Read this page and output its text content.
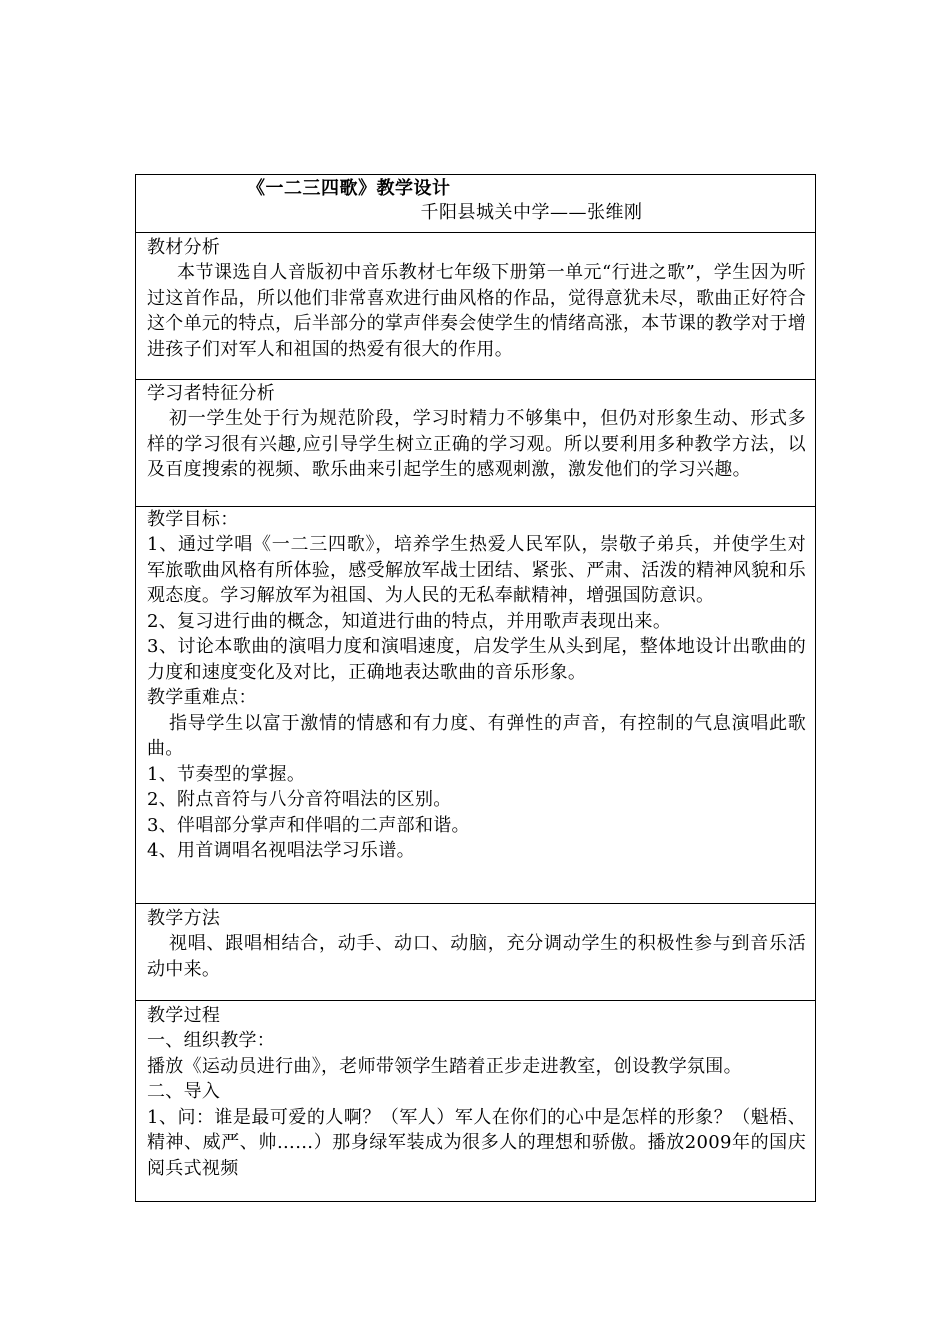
《一二三四歌》教学设计
千阳县城关中学——张维刚

教材分析

本节课选自人音版初中音乐教材七年级下册第一单元“行进之歌”，学生因为听过这首作品，所以他们非常喜欢进行曲风格的作品，觉得意犹未尽，歌曲正好符合这个单元的特点，后半部分的掌声伴奏会使学生的情绪高涨，本节课的教学对于增进孩子们对军人和祖国的热爱有很大的作用。

学习者特征分析

初一学生处于行为规范阶段，学习时精力不够集中，但仍对形象生动、形式多样的学习很有兴趣,应引导学生树立正确的学习观。所以要利用多种教学方法，以及百度搜索的视频、歌乐曲来引起学生的感观刺激，激发他们的学习兴趣。

教学目标：

1、通过学唱《一二三四歌》，培养学生热爱人民军队，崇敬子弟兵，并使学生对军旅歌曲风格有所体验，感受解放军战士团结、紧张、严肃、活泼的精神风貌和乐观态度。学习解放军为祖国、为人民的无私奉献精神，增强国防意识。

2、复习进行曲的概念，知道进行曲的特点，并用歌声表现出来。

3、讨论本歌曲的演唱力度和演唱速度，启发学生从头到尾，整体地设计出歌曲的力度和速度变化及对比，正确地表达歌曲的音乐形象。

教学重难点：

指导学生以富于激情的情感和有力度、有弹性的声音，有控制的气息演唱此歌曲。

1、节奏型的掌握。

2、附点音符与八分音符唱法的区别。

3、伴唱部分掌声和伴唱的二声部和谐。

4、用首调唱名视唱法学习乐谱。

教学方法

视唱、跟唱相结合，动手、动口、动脑，充分调动学生的积极性参与到音乐活动中来。

教学过程

一、组织教学：

播放《运动员进行曲》，老师带领学生踏着正步走进教室，创设教学氛围。

二、导入

1、问：谁是最可爱的人啊？（军人）军人在你们的心中是怎样的形象？（魁梧、精神、威严、帅……）那身绿军装成为很多人的理想和骄傲。播放2009年的国庆阅兵式视频
